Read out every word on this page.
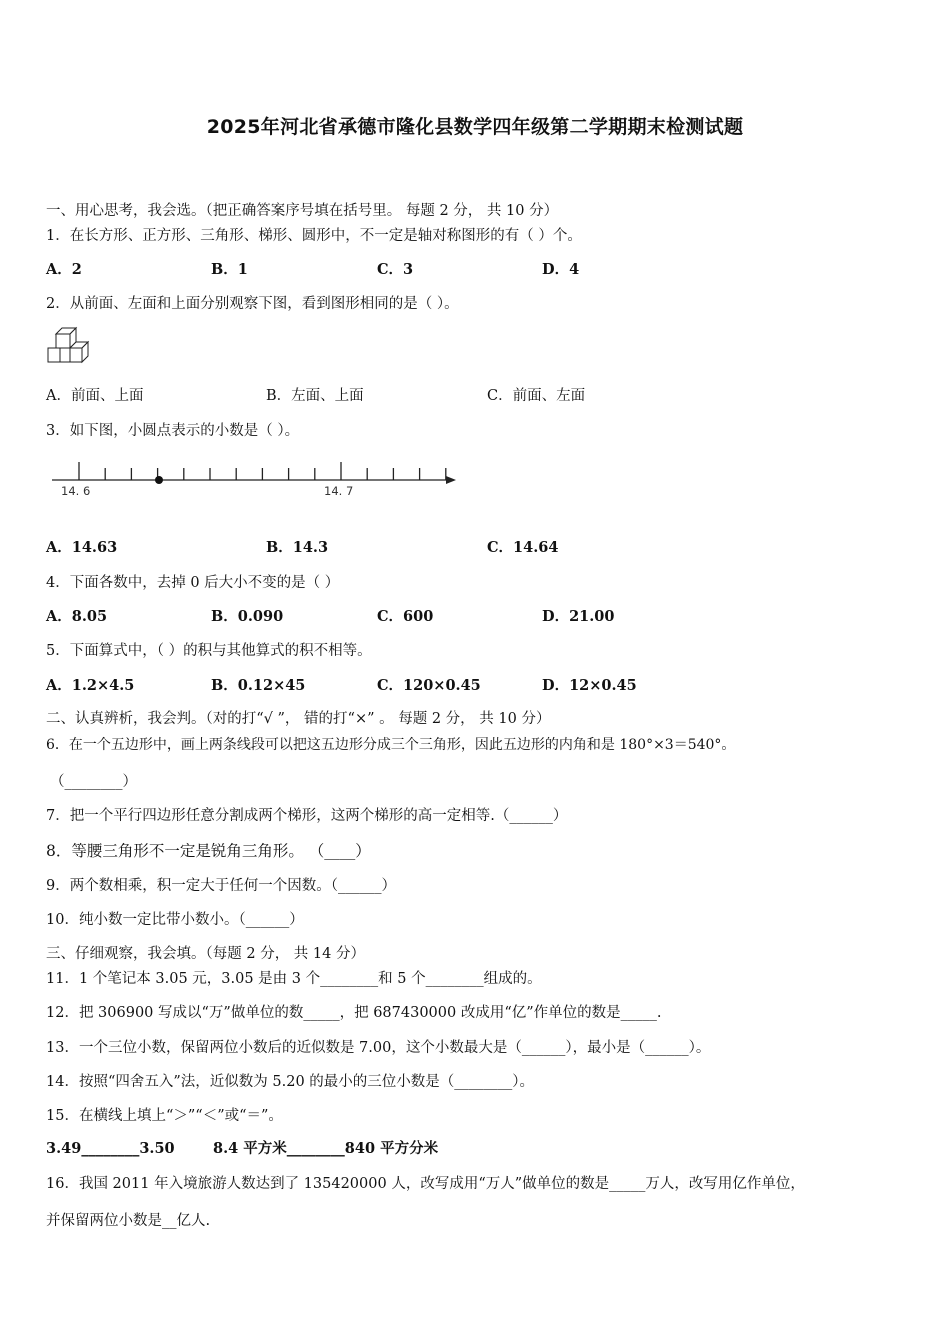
2025年河北省承德市隆化县数学四年级第二学期期末检测试题
一、用心思考，我会选。（把正确答案序号填在括号里。 每题 2 分， 共 10 分）
1．在长方形、正方形、三角形、梯形、圆形中，不一定是轴对称图形的有（ ）个。
A．2	B．1	C．3	D．4
2．从前面、左面和上面分别观察下图，看到图形相同的是（ ）。
A．前面、上面	B．左面、上面	C．前面、左面
3．如下图，小圆点表示的小数是（ ）。
14. 6	14. 7
A．14.63	B．14.3	C．14.64
4．下面各数中，去掉 0 后大小不变的是（ ）
A．8.05	B．0.090	C．600	D．21.00
5．下面算式中，（ ）的积与其他算式的积不相等。
A．1.2×4.5	B．0.12×45	C．120×0.45	D．12×0.45
二、认真辨析，我会判。（对的打“√ ”， 错的打“×” 。 每题 2 分， 共 10 分）
6．在一个五边形中，画上两条线段可以把这五边形分成三个三角形，因此五边形的内角和是 180°×3＝540°。
（________）
7．把一个平行四边形任意分割成两个梯形，这两个梯形的高一定相等.（______）
8．等腰三角形不一定是锐角三角形。 （____）
9．两个数相乘，积一定大于任何一个因数。（______）
10．纯小数一定比带小数小。（______）
三、仔细观察，我会填。（每题 2 分， 共 14 分）
11．1 个笔记本 3.05 元，3.05 是由 3 个________和 5 个________组成的。
12．把 306900 写成以“万”做单位的数_____，把 687430000 改成用“亿”作单位的数是_____.
13．一个三位小数，保留两位小数后的近似数是 7.00，这个小数最大是（______），最小是（______）。
14．按照“四舍五入”法，近似数为 5.20 的最小的三位小数是（________）。
15．在横线上填上“＞”“＜”或“＝”。
3.49________3.50	8.4 平方米________840 平方分米
16．我国 2011 年入境旅游人数达到了 135420000 人，改写成用“万人”做单位的数是_____万人，改写用亿作单位，
并保留两位小数是__亿人.
